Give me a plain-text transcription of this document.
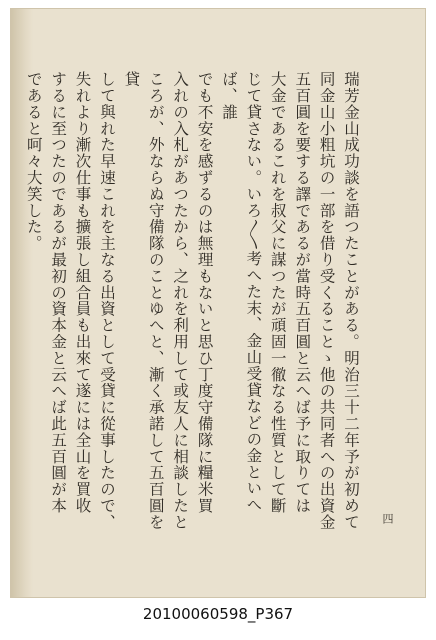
瑞芳金山成功談を語つたことがある。明治三十二年予が初めて

同金山小粗坑の一部を借り受くることゝ他の共同者への出資金

五百圓を要する譯であるが當時五百圓と云へば予に取りては

大金であるこれを叔父に謀つたが頑固一徹なる性質として斷

じて貸さない。いろ〳〵考へた末、金山受貸などの金といへば、誰

でも不安を感ずるのは無理もないと思ひ丁度守備隊に糧米買

入れの入札があつたから、之れを利用して或友人に相談したと

ころが、外ならぬ守備隊のことゆへと、漸く承諾して五百圓を貸

して與れた早速これを主なる出資として受貸に從事したので、

失れより漸次仕事も擴張し組合員も出來て遂には全山を買收

するに至つたのであるが最初の資本金と云へば此五百圓が本

であると呵々大笑した。

四
20100060598_P367
